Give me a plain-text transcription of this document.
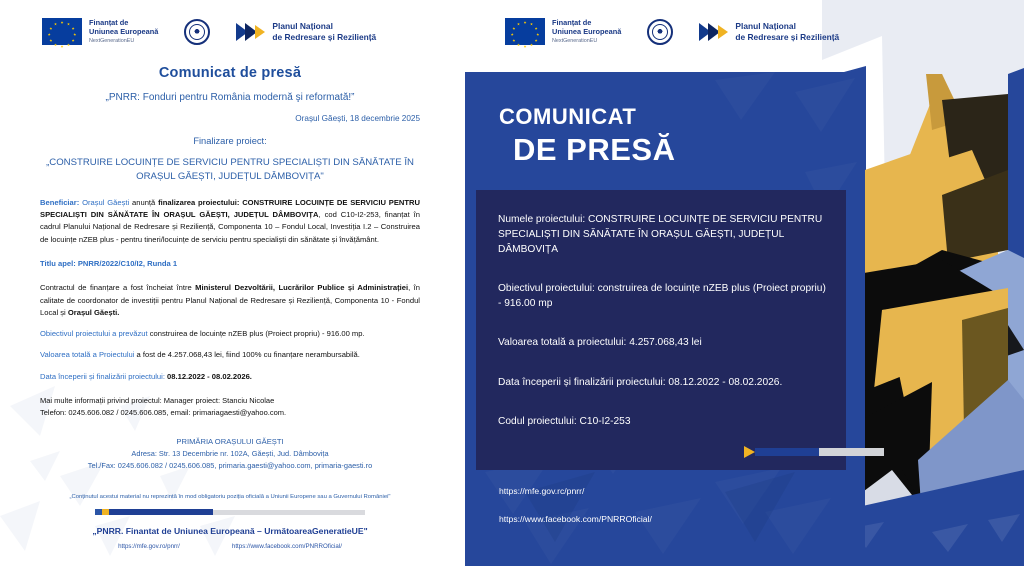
Finanțat de
Uniunea Europeană
NextGenerationEU
Planul Național
de Redresare și Reziliență
Comunicat de presă
„PNRR: Fonduri pentru România modernă şi reformată!”
Orașul Găești, 18 decembrie 2025
Finalizare proiect:
„CONSTRUIRE LOCUINȚE DE SERVICIU PENTRU SPECIALIȘTI DIN SĂNĂTATE ÎN ORAȘUL GĂEȘTI, JUDEȚUL DÂMBOVIȚA"
Beneficiar: Orașul Găești anunță finalizarea proiectului: CONSTRUIRE LOCUINȚE DE SERVICIU PENTRU SPECIALIȘTI DIN SĂNĂTATE ÎN ORAȘUL GĂEȘTI, JUDEȚUL DÂMBOVIȚA, cod C10-I2-253, finanțat în cadrul Planului Național de Redresare și Reziliență, Componenta 10 – Fondul Local, Investiția I.2 – Construirea de locuințe nZEB plus - pentru tineri/locuințe de serviciu pentru specialiști din sănătate și învățământ.
Titlu apel: PNRR/2022/C10/I2, Runda 1
Contractul de finanțare a fost încheiat între Ministerul Dezvoltării, Lucrărilor Publice și Administrației, în calitate de coordonator de investiții pentru Planul Național de Redresare și Reziliență, Componenta 10 - Fondul Local și Orașul Găești.
Obiectivul proiectului a prevăzut construirea de locuințe nZEB plus (Proiect propriu) - 916.00 mp.
Valoarea totală a Proiectului a fost de 4.257.068,43 lei, fiind 100% cu finanțare nerambursabilă.
Data începerii și finalizării proiectului: 08.12.2022 - 08.02.2026.
Mai multe informații privind proiectul: Manager proiect: Stanciu Nicolae
Telefon: 0245.606.082 / 0245.606.085, email: primariagaesti@yahoo.com.
PRIMĂRIA ORAȘULUI GĂEȘTI
Adresa: Str. 13 Decembrie nr. 102A, Găești, Jud. Dâmbovița
Tel./Fax: 0245.606.082 / 0245.606.085, primaria.gaesti@yahoo.com, primaria-gaesti.ro
„Conținutul acestui material nu reprezintă în mod obligatoriu poziția oficială a Uniunii Europene sau a Guvernului României"
„PNRR. Finantat de Uniunea Europeană – UrmătoareaGeneratieUE"
https://mfe.gov.ro/pnrr/	https://www.facebook.com/PNRROficial/
COMUNICAT
DE PRESĂ
Numele proiectului: CONSTRUIRE LOCUINȚE DE SERVICIU PENTRU SPECIALIȘTI DIN SĂNĂTATE ÎN ORAȘUL GĂEȘTI, JUDEȚUL DÂMBOVIȚA
Obiectivul proiectului: construirea de locuințe nZEB plus (Proiect propriu) - 916.00 mp
Valoarea totală a proiectului: 4.257.068,43 lei
Data începerii și finalizării proiectului: 08.12.2022 - 08.02.2026.
Codul proiectului: C10-I2-253
https://mfe.gov.rc/pnrr/
https://www.facebook.com/PNRROficial/
Finanțat de
Uniunea Europeană
NextGenerationEU
Planul Național
de Redresare și Reziliență
